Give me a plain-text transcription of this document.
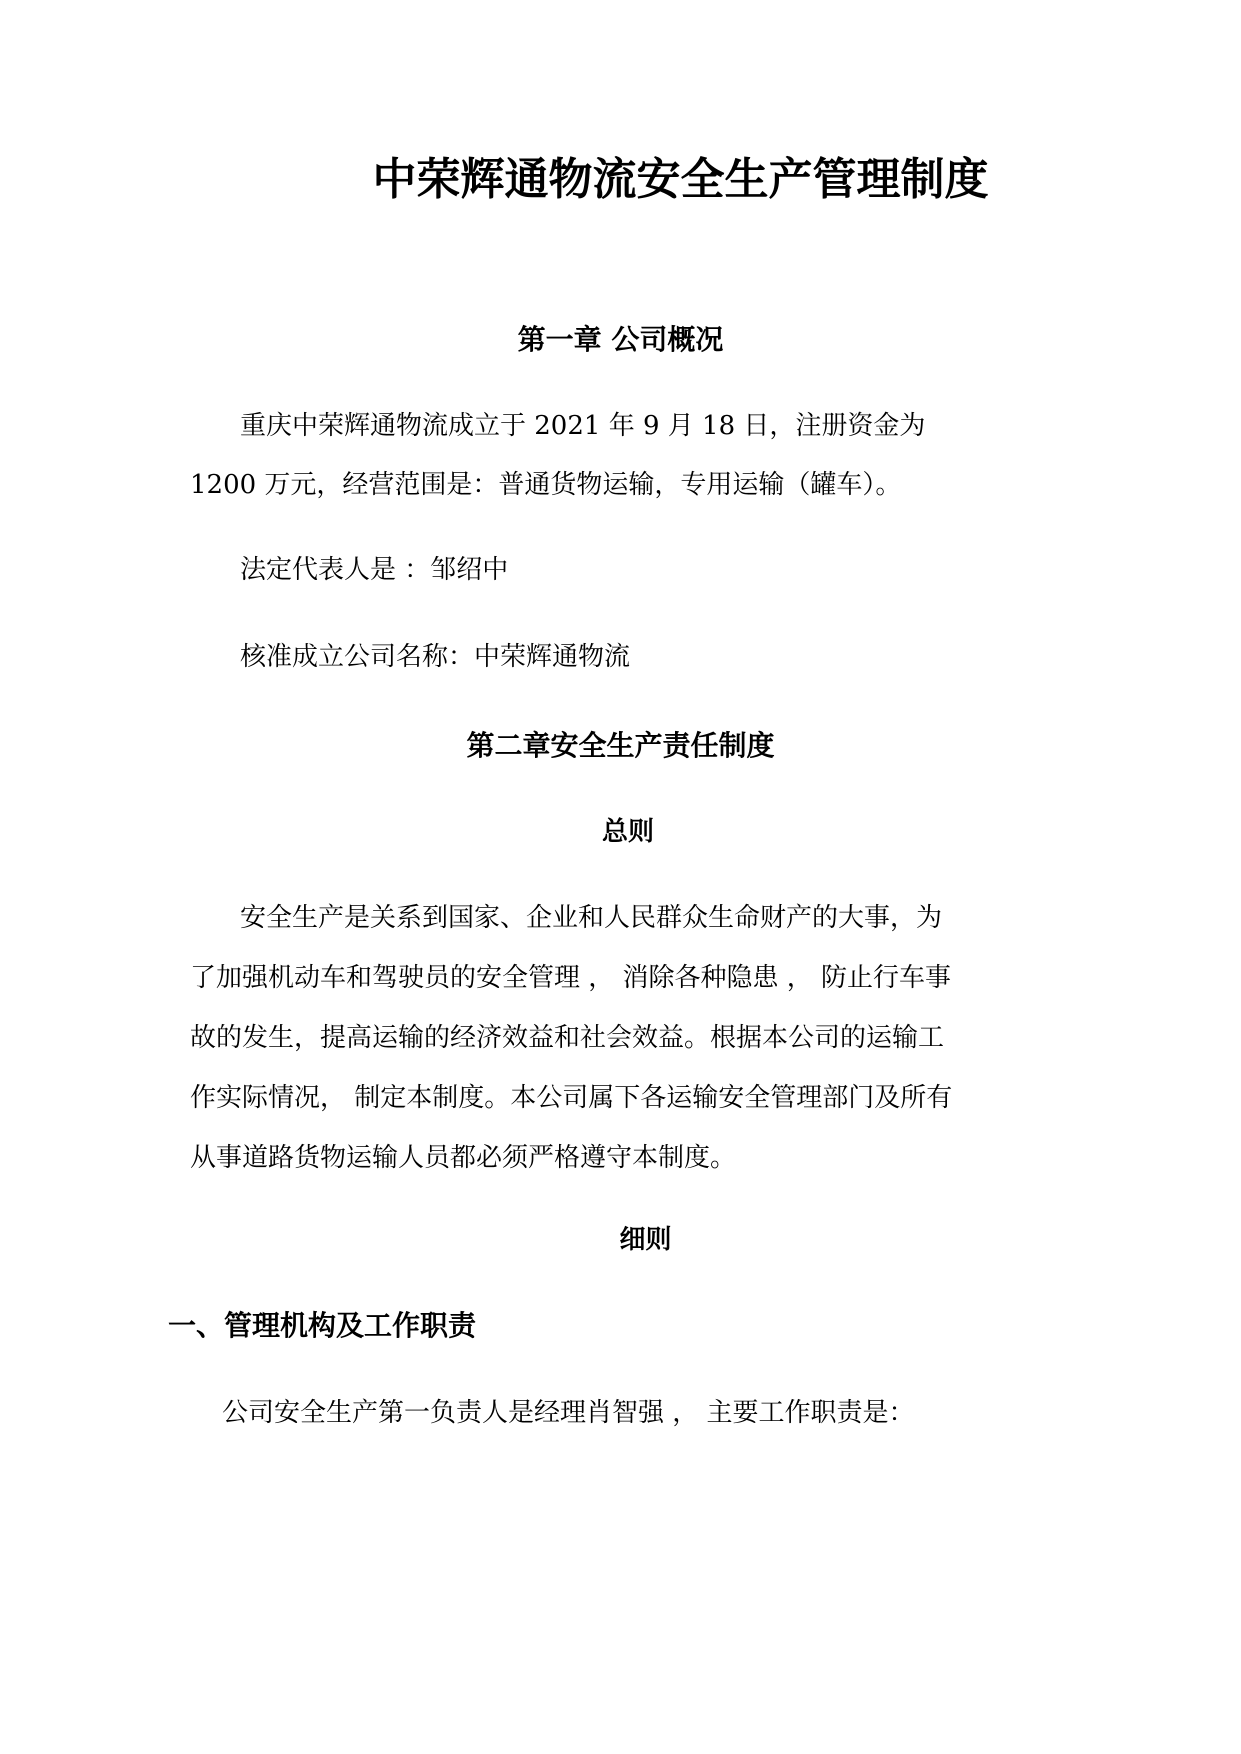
中荣辉通物流安全生产管理制度
第一章 公司概况

重庆中荣辉通物流成立于 2021 年 9 月 18 日，注册资金为

1200 万元，经营范围是：普通货物运输，专用运输（罐车）。

法定代表人是 ：邹绍中

核准成立公司名称：中荣辉通物流

第二章安全生产责任制度
总则

安全生产是关系到国家、企业和人民群众生命财产的大事，为

了加强机动车和驾驶员的安全管理 ， 消除各种隐患 ， 防止行车事

故的发生，提高运输的经济效益和社会效益。根据本公司的运输工

作实际情况， 制定本制度。本公司属下各运输安全管理部门及所有

从事道路货物运输人员都必须严格遵守本制度。

细则
一、管理机构及工作职责

公司安全生产第一负责人是经理肖智强 ， 主要工作职责是：
